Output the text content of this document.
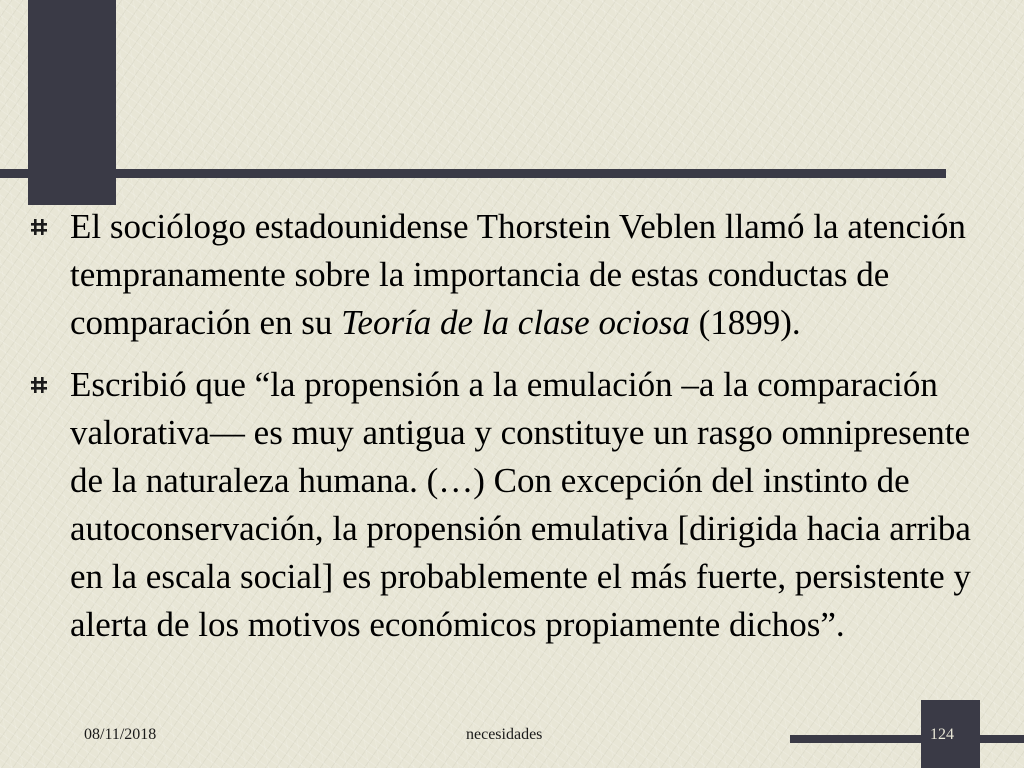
El sociólogo estadounidense Thorstein Veblen llamó la atención tempranamente sobre la importancia de estas conductas de comparación en su Teoría de la clase ociosa (1899).
Escribió que “la propensión a la emulación –a la comparación valorativa— es muy antigua y constituye un rasgo omnipresente de la naturaleza humana. (…) Con excepción del instinto de autoconservación, la propensión emulativa [dirigida hacia arriba en la escala social] es probablemente el más fuerte, persistente y alerta de los motivos económicos propiamente dichos”.
08/11/2018	necesidades	124
